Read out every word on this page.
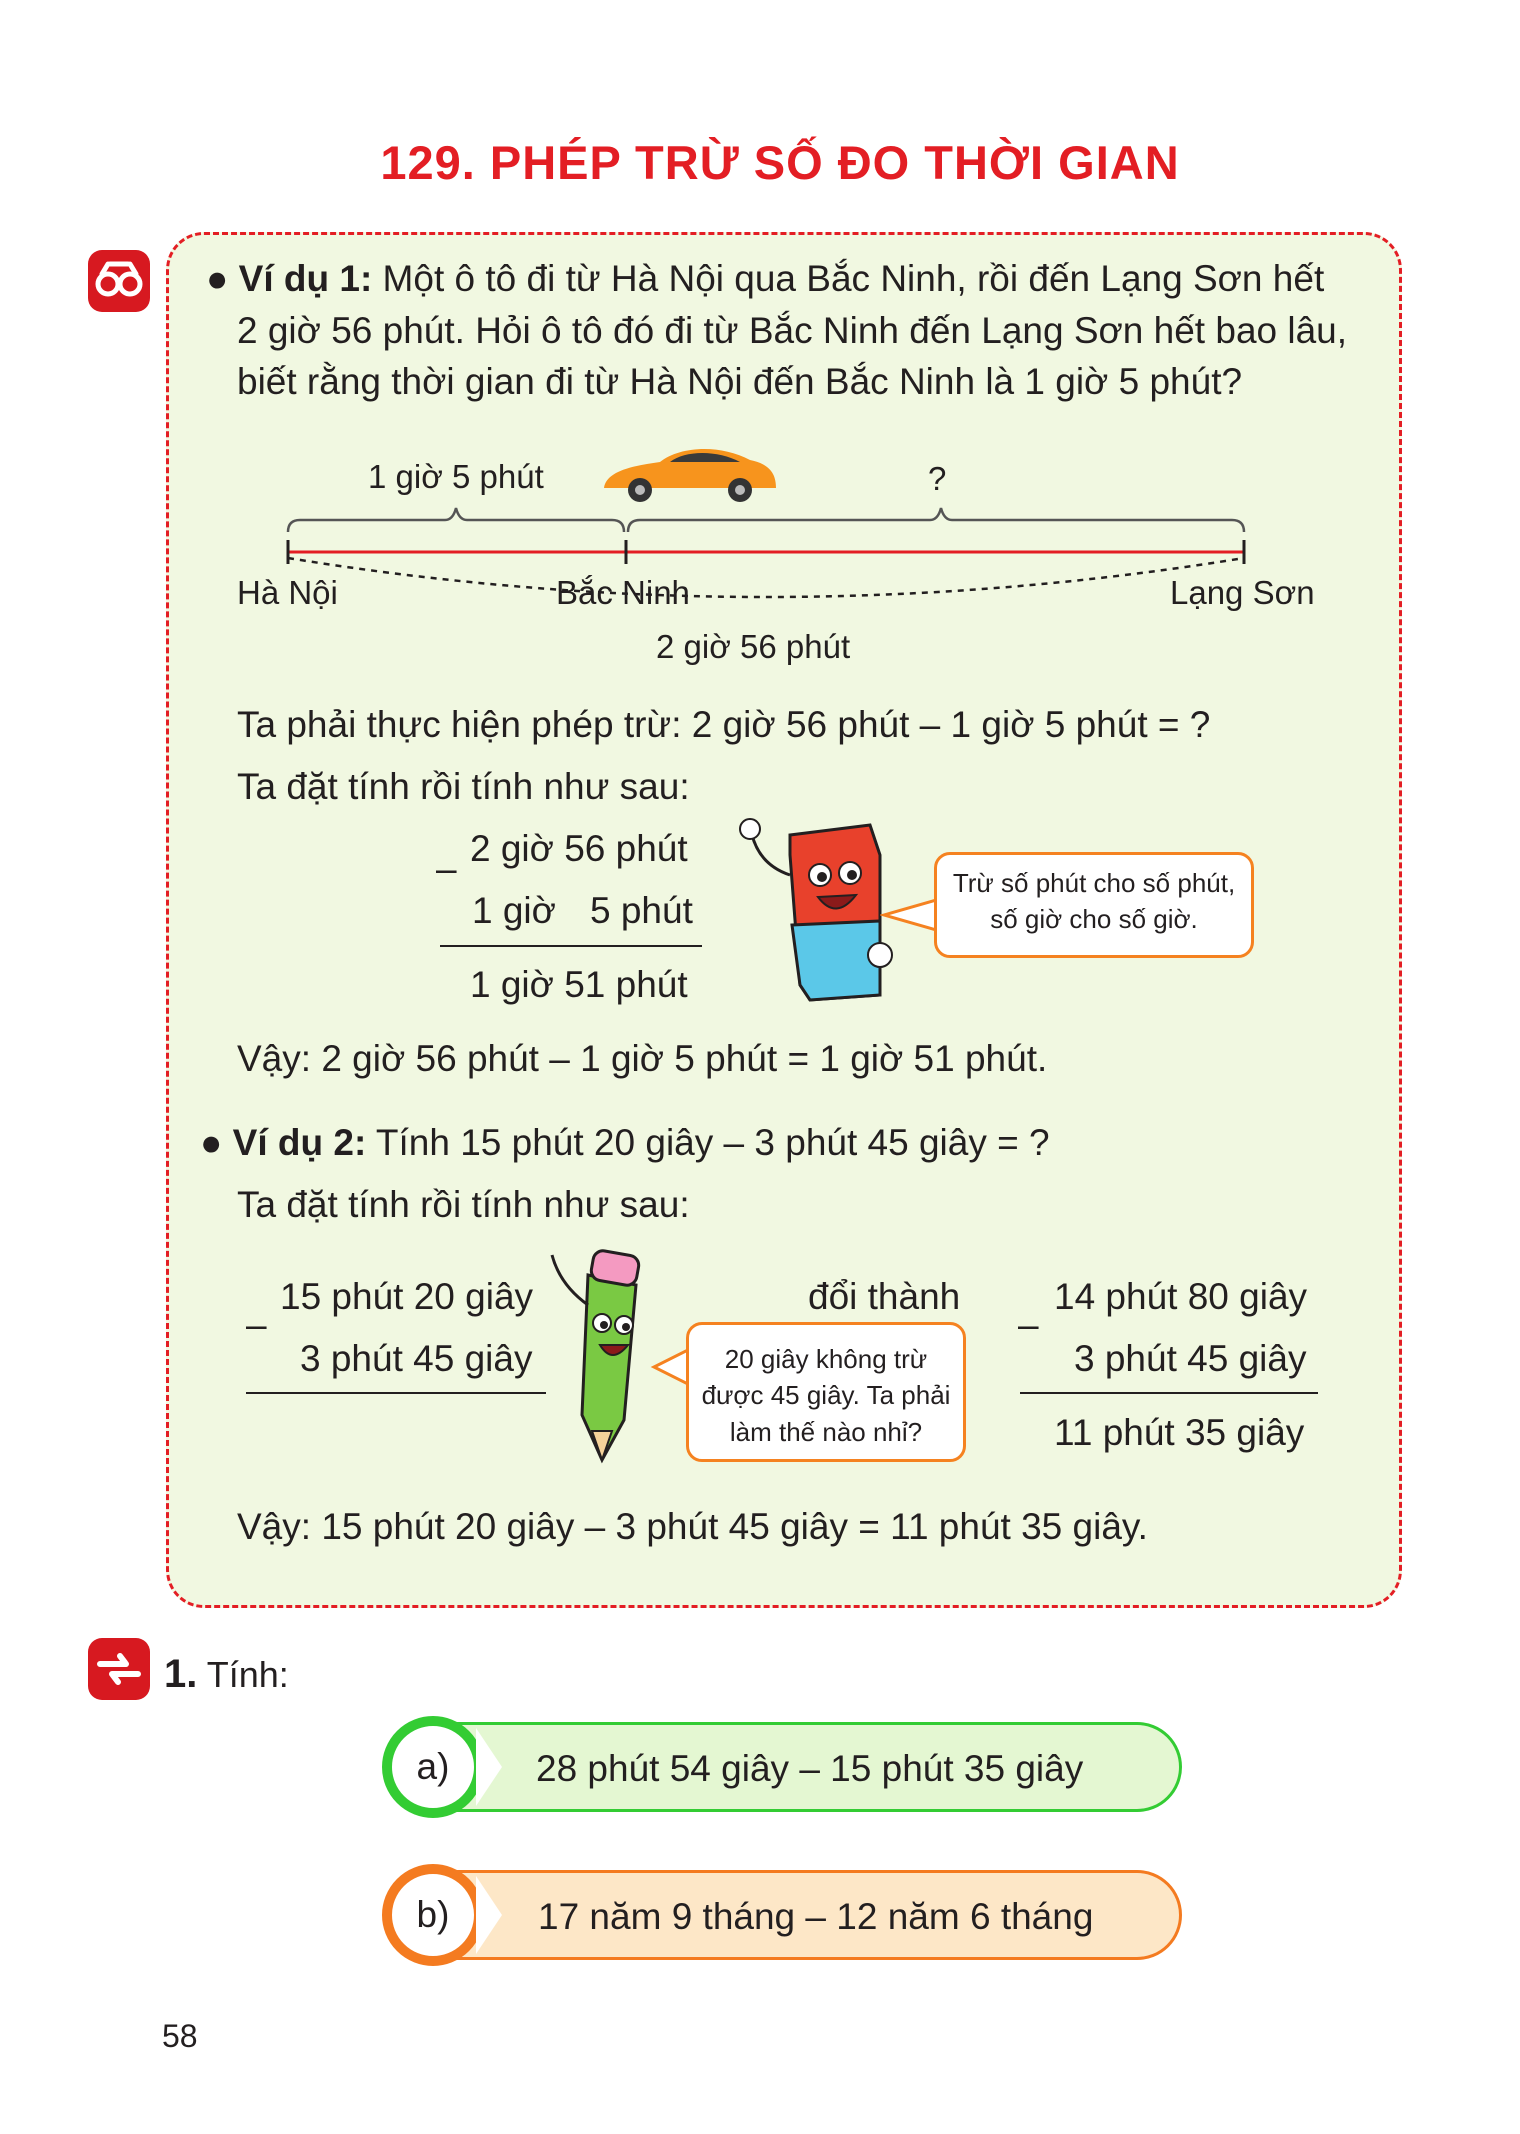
129. PHÉP TRỪ SỐ ĐO THỜI GIAN
● Ví dụ 1: Một ô tô đi từ Hà Nội qua Bắc Ninh, rồi đến Lạng Sơn hết
2 giờ 56 phút. Hỏi ô tô đó đi từ Bắc Ninh đến Lạng Sơn hết bao lâu,
biết rằng thời gian đi từ Hà Nội đến Bắc Ninh là 1 giờ 5 phút?
1 giờ 5 phút	?
Hà Nội	Bắc Ninh	Lạng Sơn
2 giờ 56 phút
Ta phải thực hiện phép trừ: 2 giờ 56 phút – 1 giờ 5 phút = ?
Ta đặt tính rồi tính như sau:
– 2 giờ 56 phút
1 giờ 5 phút
1 giờ 51 phút
Trừ số phút cho số phút,
số giờ cho số giờ.
Vậy: 2 giờ 56 phút – 1 giờ 5 phút = 1 giờ 51 phút.
● Ví dụ 2: Tính 15 phút 20 giây – 3 phút 45 giây = ?
Ta đặt tính rồi tính như sau:
–
15 phút 20 giây
3 phút 45 giây	20 giây không trừ
được 45 giây. Ta phải
làm thế nào nhỉ?
đổi thành
–
14 phút 80 giây
3 phút 45 giây
11 phút 35 giây
Vậy: 15 phút 20 giây – 3 phút 45 giây = 11 phút 35 giây.
1. Tính:
a)	28 phút 54 giây – 15 phút 35 giây
b)	17 năm 9 tháng – 12 năm 6 tháng
58
